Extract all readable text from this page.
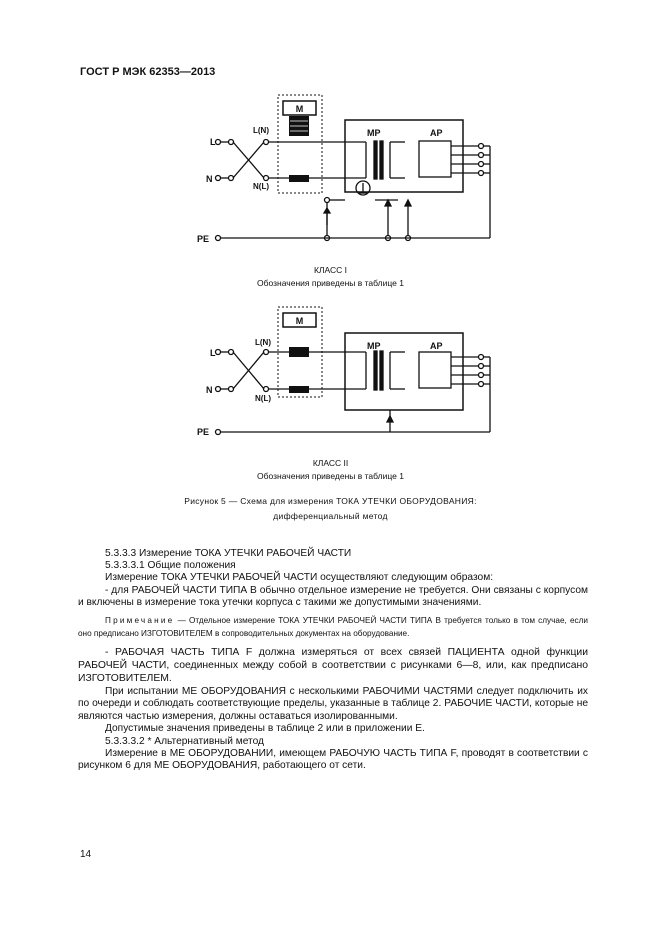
ГОСТ Р МЭК 62353—2013
M
L
N
PE
L(N)
N(L)
MP	AP
КЛАСС I
Обозначения приведены в таблице 1
M
L
N
PE
L(N)
N(L)
MP	AP
КЛАСС II
Обозначения приведены в таблице 1
Рисунок 5 — Схема для измерения ТОКА УТЕЧКИ ОБОРУДОВАНИЯ:
дифференциальный метод
5.3.3.3 Измерение ТОКА УТЕЧКИ РАБОЧЕЙ ЧАСТИ
5.3.3.3.1 Общие положения
Измерение ТОКА УТЕЧКИ РАБОЧЕЙ ЧАСТИ осуществляют следующим образом:
- для РАБОЧЕЙ ЧАСТИ ТИПА В обычно отдельное измерение не требуется. Они связаны с корпусом и включены в измерение тока утечки корпуса с такими же допустимыми значениями.
Примечание — Отдельное измерение ТОКА УТЕЧКИ РАБОЧЕЙ ЧАСТИ ТИПА В требуется только в том случае, если оно предписано ИЗГОТОВИТЕЛЕМ в сопроводительных документах на оборудование.
- РАБОЧАЯ ЧАСТЬ ТИПА F должна измеряться от всех связей ПАЦИЕНТА одной функции РАБОЧЕЙ ЧАСТИ, соединенных между собой в соответствии с рисунками 6—8, или, как предписано ИЗГОТОВИТЕЛЕМ.
При испытании МЕ ОБОРУДОВАНИЯ с несколькими РАБОЧИМИ ЧАСТЯМИ следует подключить их по очереди и соблюдать соответствующие пределы, указанные в таблице 2. РАБОЧИЕ ЧАСТИ, которые не являются частью измерения, должны оставаться изолированными.
Допустимые значения приведены в таблице 2 или в приложении Е.
5.3.3.3.2 * Альтернативный метод
Измерение в МЕ ОБОРУДОВАНИИ, имеющем РАБОЧУЮ ЧАСТЬ ТИПА F, проводят в соответствии с рисунком 6 для МЕ ОБОРУДОВАНИЯ, работающего от сети.
14
